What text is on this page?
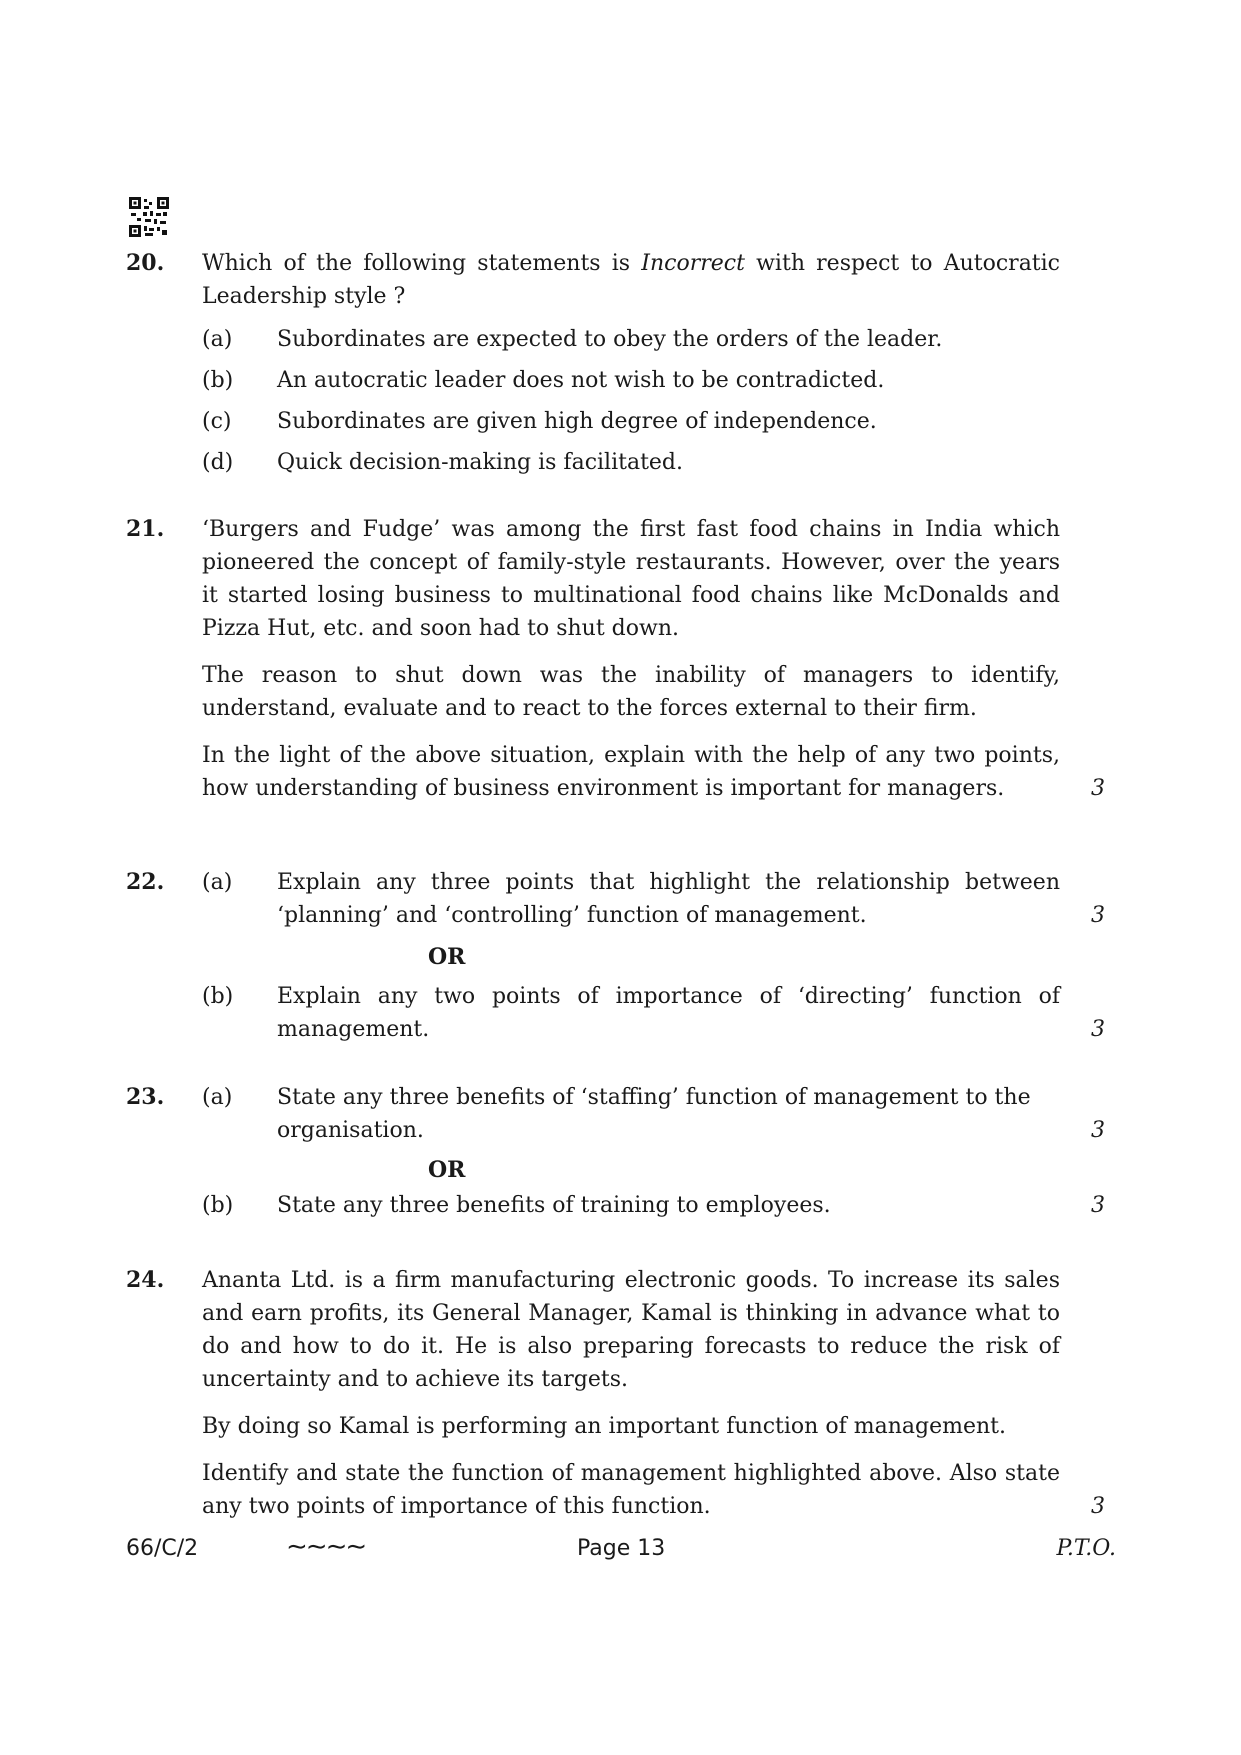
20. Which of the following statements is Incorrect with respect to Autocratic Leadership style ?
(a) Subordinates are expected to obey the orders of the leader.
(b) An autocratic leader does not wish to be contradicted.
(c) Subordinates are given high degree of independence.
(d) Quick decision-making is facilitated.
21. ‘Burgers and Fudge’ was among the first fast food chains in India which pioneered the concept of family-style restaurants. However, over the years it started losing business to multinational food chains like McDonalds and Pizza Hut, etc. and soon had to shut down.
The reason to shut down was the inability of managers to identify, understand, evaluate and to react to the forces external to their firm.
In the light of the above situation, explain with the help of any two points, how understanding of business environment is important for managers.	3
22. (a) Explain any three points that highlight the relationship between ‘planning’ and ‘controlling’ function of management.	3
OR
(b) Explain any two points of importance of ‘directing’ function of management.	3
23. (a) State any three benefits of ‘staffing’ function of management to the organisation.	3
OR
(b) State any three benefits of training to employees.	3
24. Ananta Ltd. is a firm manufacturing electronic goods. To increase its sales and earn profits, its General Manager, Kamal is thinking in advance what to do and how to do it. He is also preparing forecasts to reduce the risk of uncertainty and to achieve its targets.
By doing so Kamal is performing an important function of management.
Identify and state the function of management highlighted above. Also state any two points of importance of this function.	3
66/C/2	∼∼∼∼	Page 13	P.T.O.
